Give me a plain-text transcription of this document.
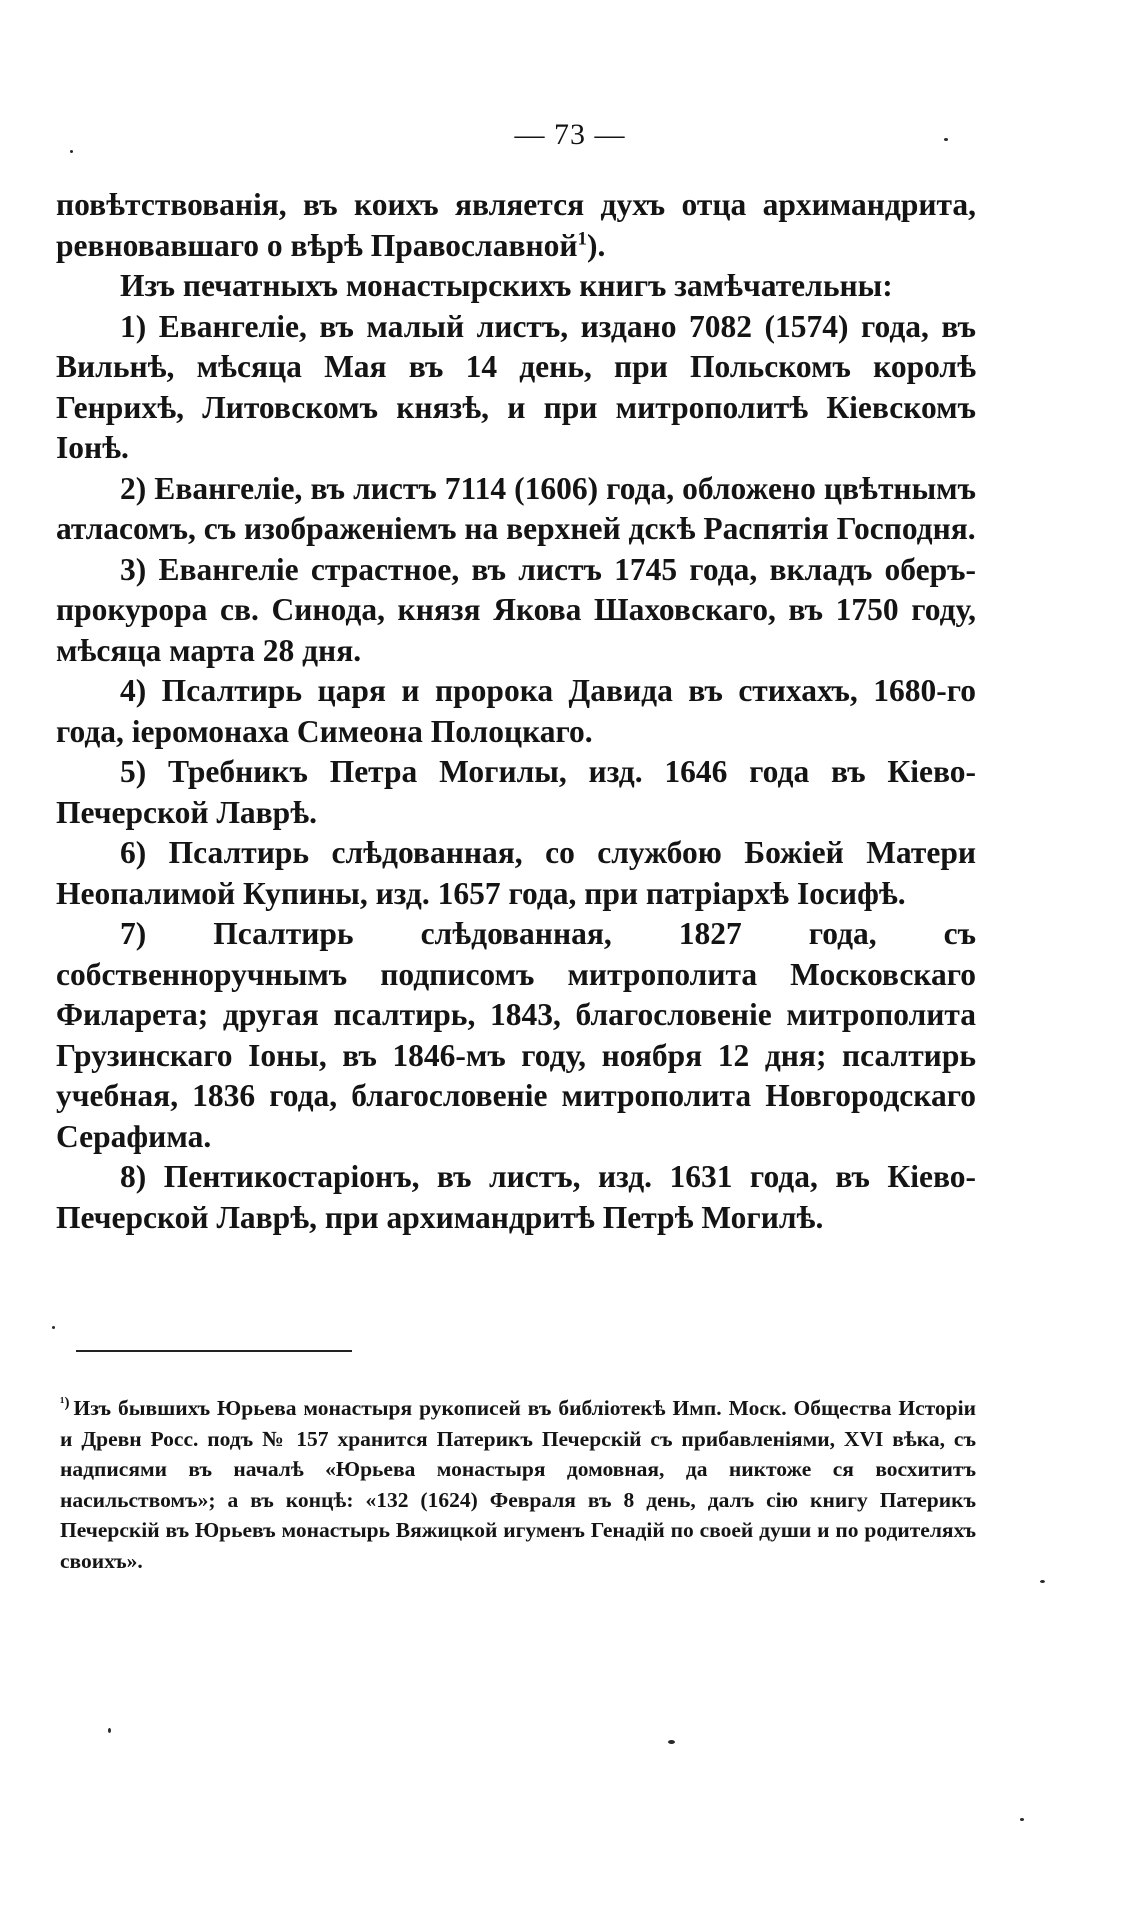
— 73 —

повѣтствованія, въ коихъ является духъ отца архимандрита, ревновавшаго о вѣрѣ Православной$^1$).

Изъ печатныхъ монастырскихъ книгъ замѣчательны:

1) Евангеліе, въ малый листъ, издано 7082 (1574) года, въ Вильнѣ, мѣсяца Мая въ 14 день, при Польскомъ королѣ Генрихѣ, Литовскомъ князѣ, и при митрополитѣ Кіевскомъ Іонѣ.

2) Евангеліе, въ листъ 7114 (1606) года, обложено цвѣтнымъ атласомъ, съ изображеніемъ на верхней дскѣ Распятія Господня.

3) Евангеліе страстное, въ листъ 1745 года, вкладъ оберъ-прокурора св. Синода, князя Якова Шаховскаго, въ 1750 году, мѣсяца марта 28 дня.

4) Псалтирь царя и пророка Давида въ стихахъ, 1680-го года, іеромонаха Симеона Полоцкаго.

5) Требникъ Петра Могилы, изд. 1646 года въ Кіево-Печерской Лаврѣ.

6) Псалтирь слѣдованная, со службою Божіей Матери Неопалимой Купины, изд. 1657 года, при патріархѣ Іосифѣ.

7) Псалтирь слѣдованная, 1827 года, съ собственноручнымъ подписомъ митрополита Московскаго Филарета; другая псалтирь, 1843, благословеніе митрополита Грузинскаго Іоны, въ 1846-мъ году, ноября 12 дня; псалтирь учебная, 1836 года, благословеніе митрополита Новгородскаго Серафима.

8) Пентикостаріонъ, въ листъ, изд. 1631 года, въ Кіево-Печерской Лаврѣ, при архимандритѣ Петрѣ Могилѣ.

$^{^1)}$ Изъ бывшихъ Юрьева монастыря рукописей въ библіотекѣ Имп. Моск. Общества Исторіи и Древн Росс. подъ № 157 хранится Патерикъ Печерскій съ прибавленіями, XVI вѣка, съ надписями въ началѣ «Юрьева монастыря домовная, да никтоже ся восхититъ насильствомъ»; а въ концѣ: «132 (1624) Февраля въ 8 день, далъ сію книгу Патерикъ Печерскій въ Юрьевъ монастырь Вяжицкой игуменъ Генадій по своей души и по родителяхъ своихъ».
